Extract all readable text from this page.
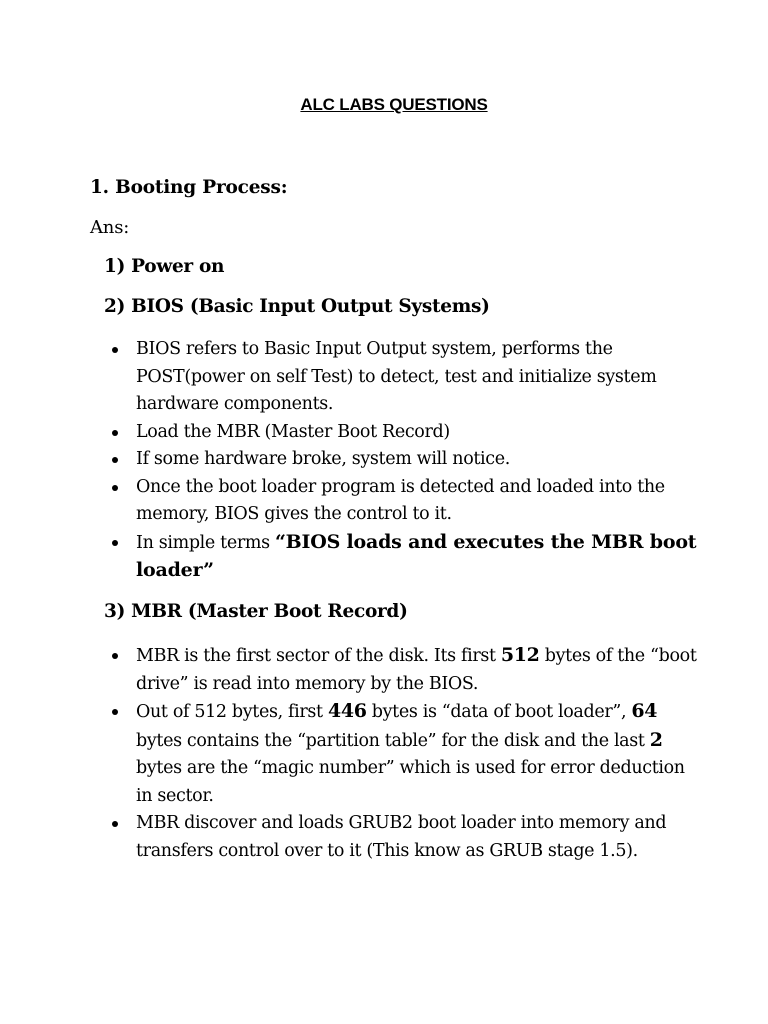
ALC LABS QUESTIONS
1. Booting Process:
Ans:
1) Power on
2) BIOS (Basic Input Output Systems)
BIOS refers to Basic Input Output system, performs the POST(power on self Test) to detect, test and initialize system hardware components.
Load the MBR (Master Boot Record)
If some hardware broke, system will notice.
Once the boot loader program is detected and loaded into the memory, BIOS gives the control to it.
In simple terms “BIOS loads and executes the MBR boot loader”
3) MBR (Master Boot Record)
MBR is the first sector of the disk. Its first 512 bytes of the “boot drive” is read into memory by the BIOS.
Out of 512 bytes, first 446 bytes is “data of boot loader”, 64 bytes contains the “partition table” for the disk and the last 2 bytes are the “magic number” which is used for error deduction in sector.
MBR discover and loads GRUB2 boot loader into memory and transfers control over to it (This know as GRUB stage 1.5).
